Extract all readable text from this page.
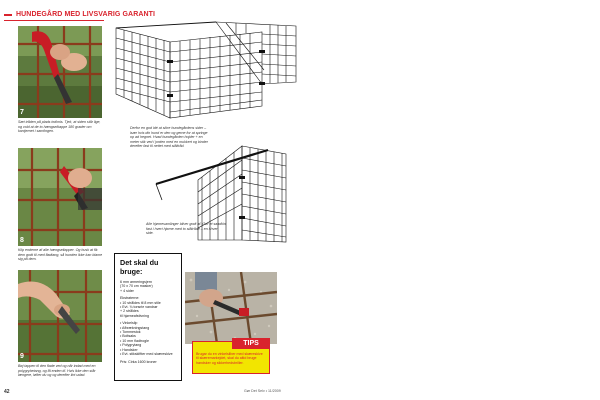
HUNDEGÅRD MED LIVSVARIG GARANTI
7
Sæt tråden på plads indimis. Tjek, at siden står lige, og vold at de to hængselkappe 180 grader om kantjernet i samlingen.
8
Klip enderne af alle hængseltapper. Og husk at fik dem godt til med fladtang, så hunden ikke kan blame sig på dem.
9
Bøj tappen til den flade ved og når indad med en polygrybetang, og få enden til. Hvis ikke den står længere, løfter du og og derefter lint udad.
Derfor en god idé at sikre hundegårdens sider – især hvis din hund er den og gerne for at springe op ad hegnet. Hvad hundegården hojder + en meter stik ved i jorden med en mukkert og binder derefter fast til nettet med ståltråd.
Alle hjørnesamlinger bliver godt af. Gør et sandkin fast i hvert hjørne med to ståtråde – en i hver side.
Det skal du bruge:

6 mm armeringsjern

(70 x 70 cm masker)

+ 4 sider

Ekstraterne:

• 10 stråldes til 8 mm stile

• Evt. ¾ tonsrie vandrør

+ 2 stråldes

til hjørneafstivning

• Vinkelslip

• Afbrækningstang

• Tommestok

• Boltsaks

• 10 mm fladtrogle

• Polygrytang

• Handsker

• Evt. stikskiftter med skæreskive

Pris: Cirka 1600 kroner

Brugar du en vinkelsliber med skæreskive til skæremarkejdet, skal du altid bruge handsker og sikkerhedsbriller.
TIPS
42	Gør Det Selv • 11/2009
